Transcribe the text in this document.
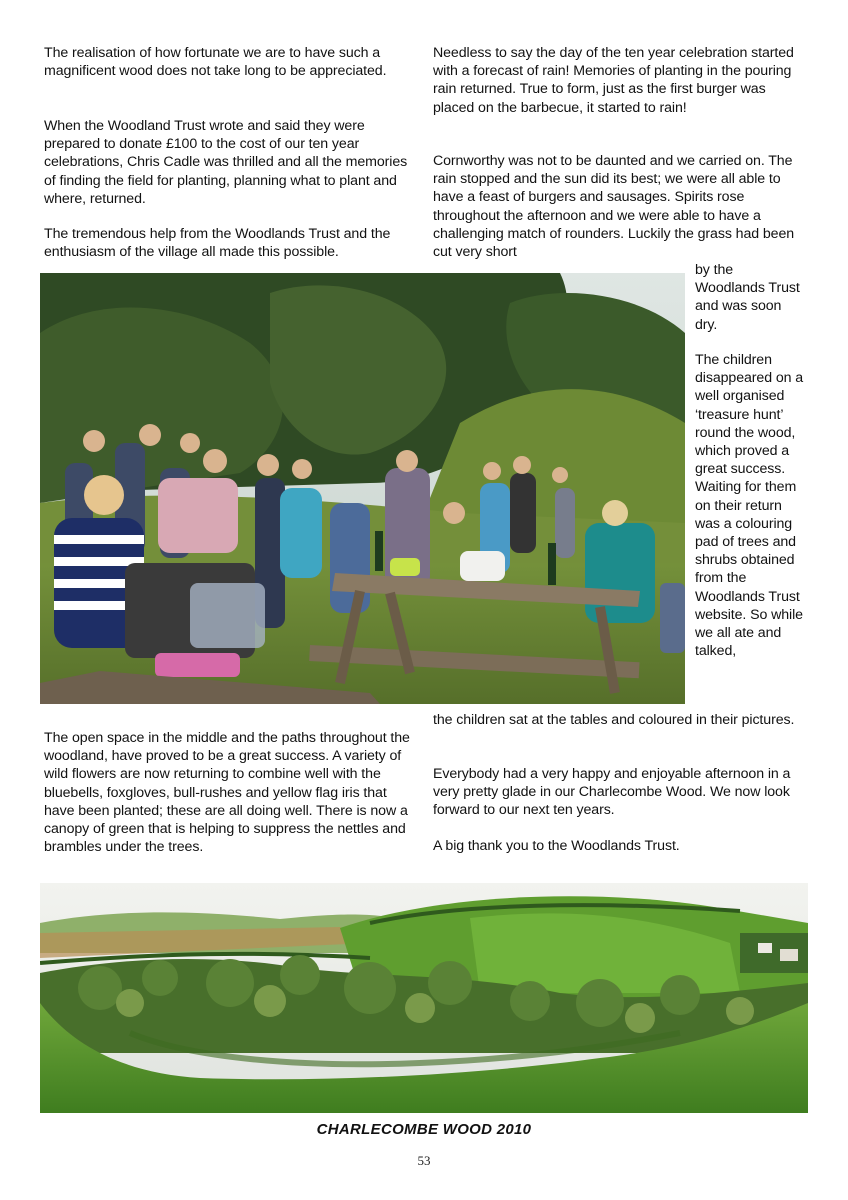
The realisation of how fortunate we are to have such a magnificent wood does not take long to be appreciated.

When the Woodland Trust wrote and said they were prepared to donate £100 to the cost of our ten year celebrations, Chris Cadle was thrilled and all the memories of finding the field for planting, planning what to plant and where, returned.

The tremendous help from the Woodlands Trust and the enthusiasm of the village all made this possible.

Needless to say the day of the ten year celebration started with a forecast of rain! Memories of planting in the pouring rain returned. True to form, just as the first burger was placed on the barbecue, it started to rain!

Cornworthy was not to be daunted and we carried on. The rain stopped and the sun did its best; we were all able to have a feast of burgers and sausages. Spirits rose throughout the afternoon and we were able to have a challenging match of rounders. Luckily the grass had been cut very short

by the Woodlands Trust and was soon dry.

The children disappeared on a well organised ‘treasure hunt’ round the wood, which proved a great success. Waiting for them on their return was a colouring pad of trees and shrubs obtained from the Woodlands Trust website. So while we all ate and talked,

the children sat at the tables and coloured in their pictures.

The open space in the middle and the paths throughout the woodland, have proved to be a great success. A variety of wild flowers are now returning to combine well with the bluebells, foxgloves, bull-rushes and yellow flag iris that have been planted; these are all doing well. There is now a canopy of green that is helping to suppress the nettles and brambles under the trees.

Everybody had a very happy and enjoyable afternoon in a very pretty glade in our Charlecombe Wood. We now look forward to our next ten years.

A big thank you to the Woodlands Trust.

CHARLECOMBE WOOD 2010
53
